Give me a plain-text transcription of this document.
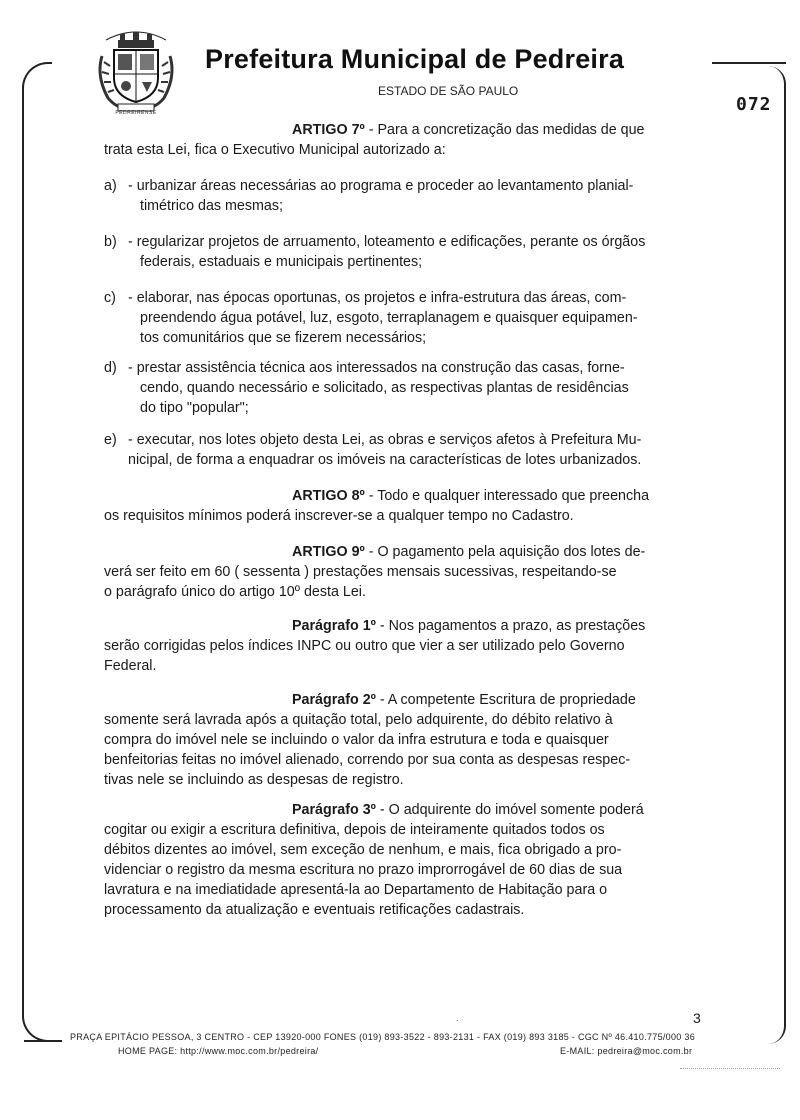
PEDREIRENSE
Prefeitura Municipal de Pedreira
ESTADO DE SÃO PAULO
072
ARTIGO 7º - Para a concretização das medidas de que
trata esta Lei, fica o Executivo Municipal autorizado a:
a) - urbanizar áreas necessárias ao programa e proceder ao levantamento planial-
timétrico das mesmas;
b) - regularizar projetos de arruamento, loteamento e edificações, perante os órgãos
federais, estaduais e municipais pertinentes;
c) - elaborar, nas épocas oportunas, os projetos e infra-estrutura das áreas, com-
preendendo água potável, luz, esgoto, terraplanagem e quaisquer equipamen-
tos comunitários que se fizerem necessários;
d) - prestar assistência técnica aos interessados na construção das casas, forne-
cendo, quando necessário e solicitado, as respectivas plantas de residências
do tipo "popular";
e) - executar, nos lotes objeto desta Lei, as obras e serviços afetos à Prefeitura Mu-
nicipal, de forma a enquadrar os imóveis na características de lotes urbanizados.
ARTIGO 8º - Todo e qualquer interessado que preencha
os requisitos mínimos poderá inscrever-se a qualquer tempo no Cadastro.
ARTIGO 9º - O pagamento pela aquisição dos lotes de-
verá ser feito em 60 ( sessenta ) prestações mensais sucessivas, respeitando-se
o parágrafo único do artigo 10º desta Lei.
Parágrafo 1º - Nos pagamentos a prazo, as prestações
serão corrigidas pelos índices INPC ou outro que vier a ser utilizado pelo Governo
Federal.
Parágrafo 2º - A competente Escritura de propriedade
somente será lavrada após a quitação total, pelo adquirente, do débito relativo à
compra do imóvel nele se incluindo o valor da infra estrutura e toda e quaisquer
benfeitorias feitas no imóvel alienado, correndo por sua conta as despesas respec-
tivas nele se incluindo as despesas de registro.
Parágrafo 3º - O adquirente do imóvel somente poderá
cogitar ou exigir a escritura definitiva, depois de inteiramente quitados todos os
débitos dizentes ao imóvel, sem exceção de nenhum, e mais, fica obrigado a pro-
videnciar o registro da mesma escritura no prazo improrrogável de 60 dias de sua
lavratura e na imediatidade apresentá-la ao Departamento de Habitação para o
processamento da atualização e eventuais retificações cadastrais.
.	3
PRAÇA EPITÁCIO PESSOA, 3 CENTRO - CEP 13920-000 FONES (019) 893-3522 - 893-2131 - FAX (019) 893 3185 - CGC Nº 46.410.775/000 36
HOME PAGE: http://www.moc.com.br/pedreira/	E-MAIL: pedreira@moc.com.br
